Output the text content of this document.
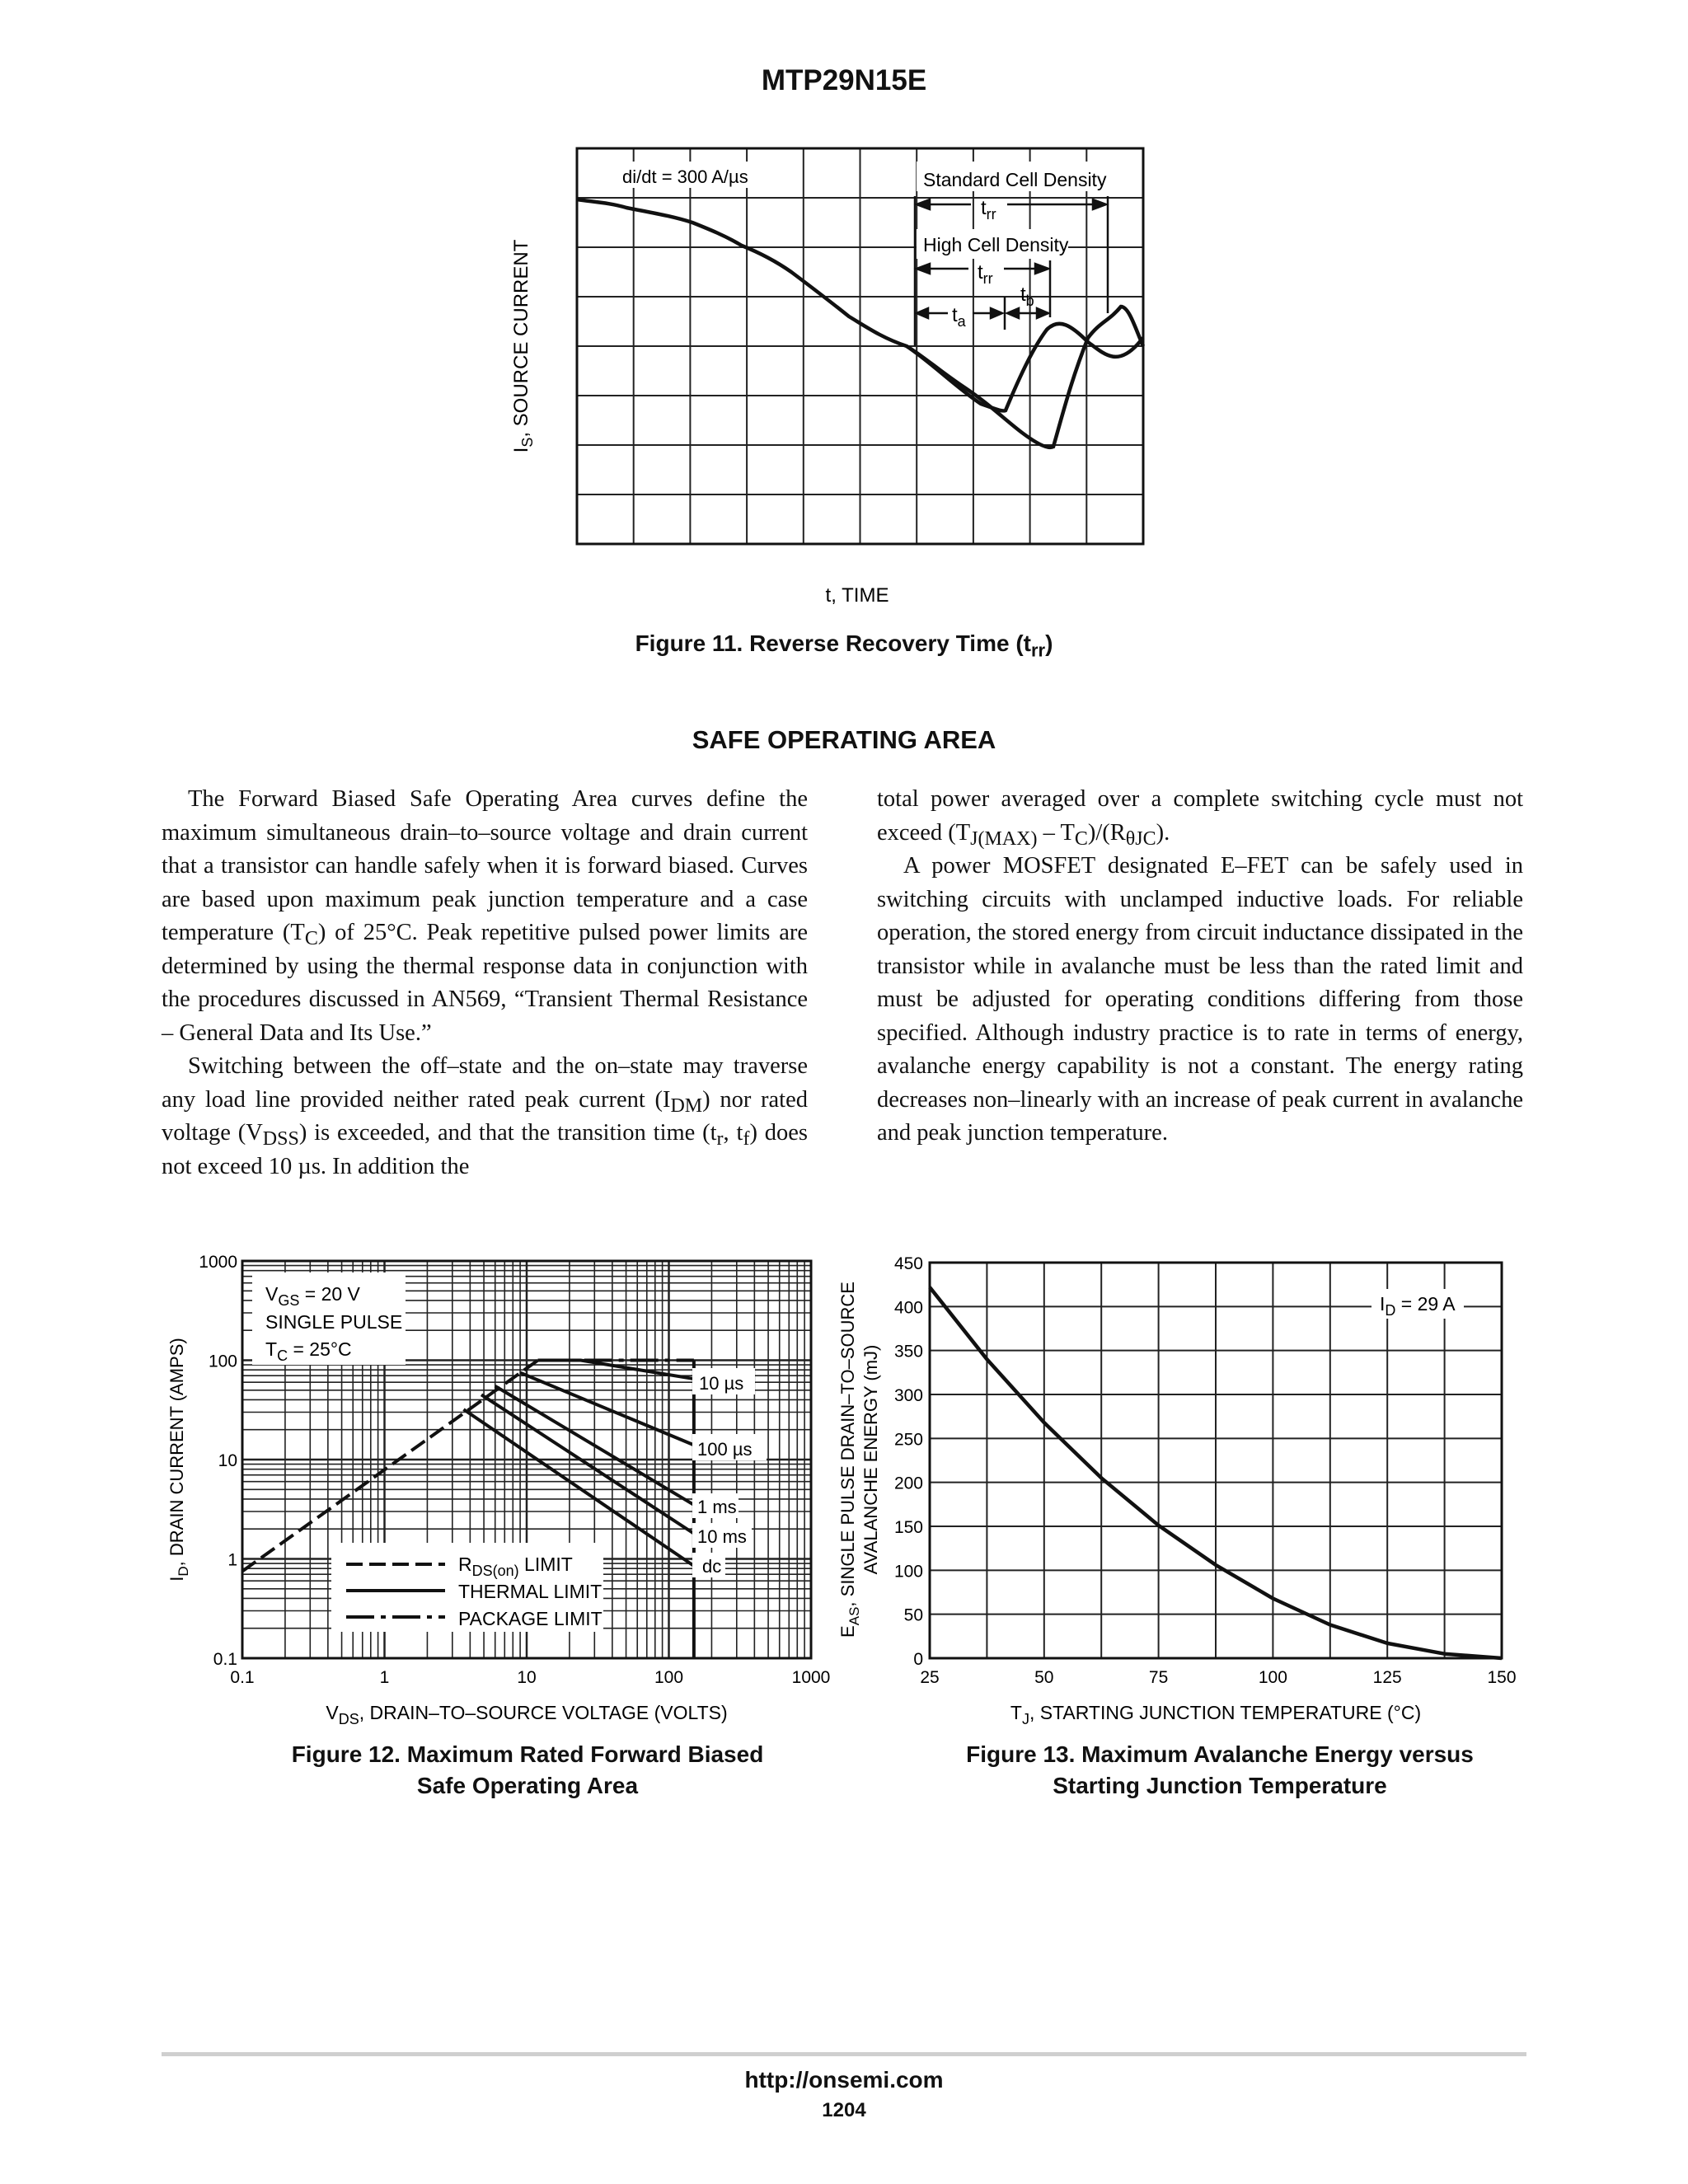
MTP29N15E
di/dt = 300 A/µs	Standard Cell Density
High Cell Density
$t_{rr}$
$t_{rr}$
$t_a$
$t_b$
$I_S$, SOURCE CURRENT
t, TIME
Figure 11. Reverse Recovery Time $(t_{rr})$
SAFE OPERATING AREA

The Forward Biased Safe Operating Area curves define the maximum simultaneous drain–to–source voltage and drain current that a transistor can handle safely when it is forward biased. Curves are based upon maximum peak junction temperature and a case temperature $(T_C)$ of 25°C. Peak repetitive pulsed power limits are determined by using the thermal response data in conjunction with the procedures discussed in AN569, “Transient Thermal Resistance – General Data and Its Use.”

Switching between the off–state and the on–state may traverse any load line provided neither rated peak current $(I_{DM})$ nor rated voltage $(V_{DSS})$ is exceeded, and that the transition time ($t_r$, $t_f$) does not exceed 10 µs. In addition the

total power averaged over a complete switching cycle must not exceed $(T_{J(MAX)} - T_C)/(R_{\theta JC})$.

A power MOSFET designated E–FET can be safely used in switching circuits with unclamped inductive loads. For reliable operation, the stored energy from circuit inductance dissipated in the transistor while in avalanche must be less than the rated limit and must be adjusted for operating conditions differing from those specified. Although industry practice is to rate in terms of energy, avalanche energy capability is not a constant. The energy rating decreases non–linearly with an increase of peak current in avalanche and peak junction temperature.

0.1	1	10	100	1000
0.1
1
10
100
1000
$V_{GS} = 20$ V
SINGLE PULSE
$T_C = 25^\circ C$
10 µs
100 µs
1 ms
10 ms
dc
$R_{DS(on)}$ LIMIT
THERMAL LIMIT
PACKAGE LIMIT
$I_D$, DRAIN CURRENT (AMPS)
$V_{DS}$, DRAIN–TO–SOURCE VOLTAGE (VOLTS)
25	50	75	100	125	150
0
50
100
150
200
250
300
350
400
450
$I_D = 29$ A
$E_{AS}$, SINGLE PULSE DRAIN–TO–SOURCE AVALANCHE ENERGY (mJ)
$T_J$, STARTING JUNCTION TEMPERATURE (°C)
Figure 12. Maximum Rated Forward Biased
Safe Operating Area
Figure 13. Maximum Avalanche Energy versus
Starting Junction Temperature
http://onsemi.com
1204
